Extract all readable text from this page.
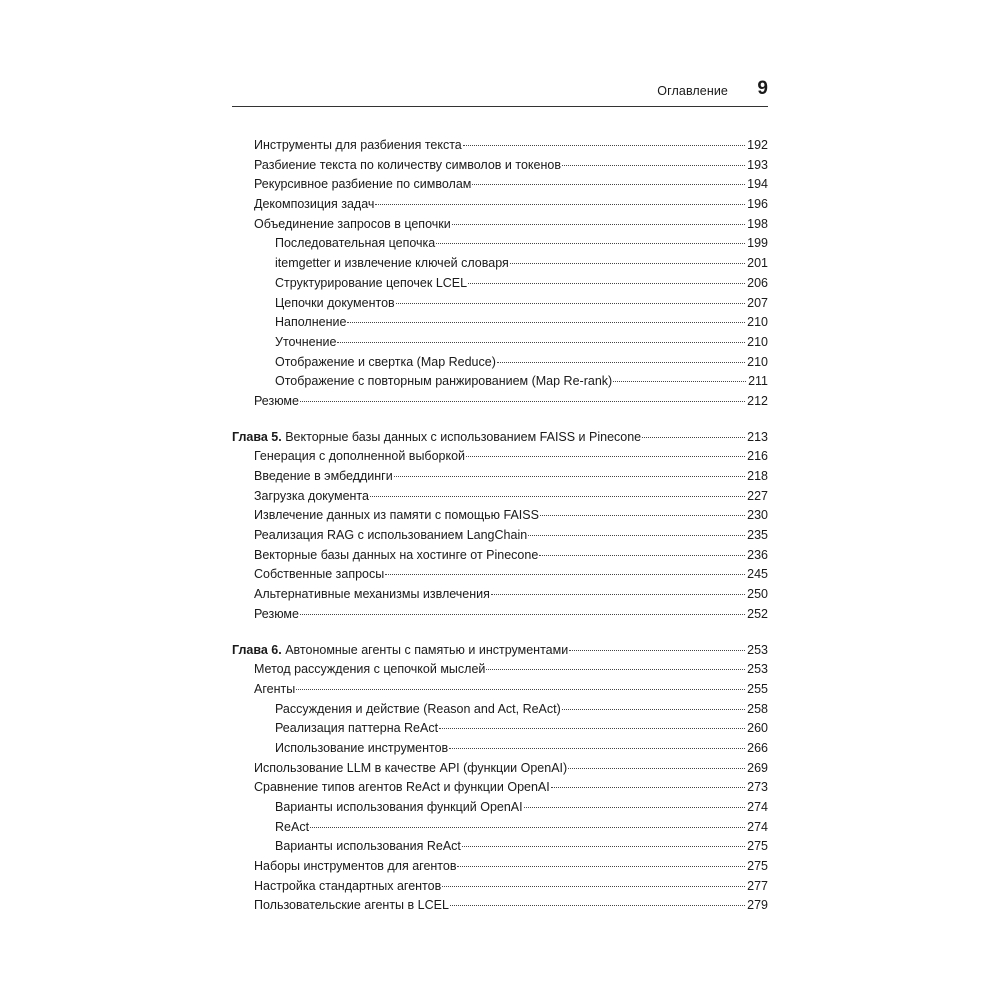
Оглавление 9
Инструменты для разбиения текста	192
Разбиение текста по количеству символов и токенов	193
Рекурсивное разбиение по символам	194
Декомпозиция задач	196
Объединение запросов в цепочки	198
Последовательная цепочка	199
itemgetter и извлечение ключей словаря	201
Структурирование цепочек LCEL	206
Цепочки документов	207
Наполнение	210
Уточнение	210
Отображение и свертка (Map Reduce)	210
Отображение с повторным ранжированием (Map Re-rank)	211
Резюме	212
Глава 5.
Векторные базы данных с использованием FAISS и Pinecone	213
Генерация с дополненной выборкой	216
Введение в эмбеддинги	218
Загрузка документа	227
Извлечение данных из памяти с помощью FAISS	230
Реализация RAG с использованием LangChain	235
Векторные базы данных на хостинге от Pinecone	236
Собственные запросы	245
Альтернативные механизмы извлечения	250
Резюме	252
Глава 6.
Автономные агенты с памятью и инструментами	253
Метод рассуждения с цепочкой мыслей	253
Агенты	255
Рассуждения и действие (Reason and Act, ReAct)	258
Реализация паттерна ReAct	260
Использование инструментов	266
Использование LLM в качестве API (функции OpenAI)	269
Сравнение типов агентов ReAct и функции OpenAI	273
Варианты использования функций OpenAI	274
ReAct	274
Варианты использования ReAct	275
Наборы инструментов для агентов	275
Настройка стандартных агентов	277
Пользовательские агенты в LCEL	279
